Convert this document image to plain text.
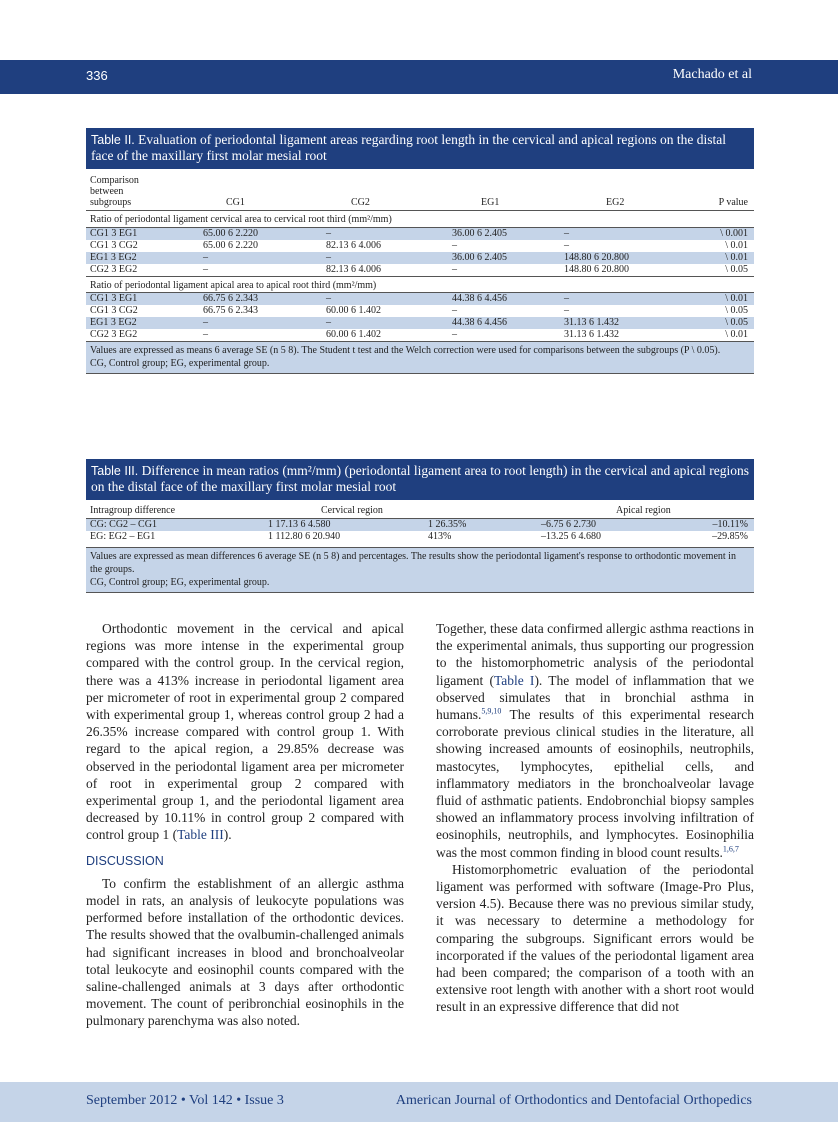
336	Machado et al
Table II. Evaluation of periodontal ligament areas regarding root length in the cervical and apical regions on the distal face of the maxillary first molar mesial root
Comparison between subgroups	CG1	CG2	EG1	EG2	P value
Ratio of periodontal ligament cervical area to cervical root third (mm²/mm)
CG1 3 EG1	65.00 6 2.220	–	36.00 6 2.405	–	\ 0.001
CG1 3 CG2	65.00 6 2.220	82.13 6 4.006	–	–	\ 0.01
EG1 3 EG2	–	–	36.00 6 2.405	148.80 6 20.800	\ 0.01
CG2 3 EG2	–	82.13 6 4.006	–	148.80 6 20.800	\ 0.05
Ratio of periodontal ligament apical area to apical root third (mm²/mm)
CG1 3 EG1	66.75 6 2.343	–	44.38 6 4.456	–	\ 0.01
CG1 3 CG2	66.75 6 2.343	60.00 6 1.402	–	–	\ 0.05
EG1 3 EG2	–	–	44.38 6 4.456	31.13 6 1.432	\ 0.05
CG2 3 EG2	–	60.00 6 1.402	–	31.13 6 1.432	\ 0.01
Values are expressed as means 6 average SE (n 5 8). The Student t test and the Welch correction were used for comparisons between the subgroups (P \ 0.05).
CG, Control group; EG, experimental group.
Table III. Difference in mean ratios (mm²/mm) (periodontal ligament area to root length) in the cervical and apical regions on the distal face of the maxillary first molar mesial root
Intragroup difference	Cervical region	Apical region
CG: CG2 – CG1	1 17.13 6 4.580	1 26.35%	–6.75 6 2.730	–10.11%
EG: EG2 – EG1	1 112.80 6 20.940	413%	–13.25 6 4.680	–29.85%
Values are expressed as mean differences 6 average SE (n 5 8) and percentages. The results show the periodontal ligament's response to orthodontic movement in the groups.
CG, Control group; EG, experimental group.

Orthodontic movement in the cervical and apical regions was more intense in the experimental group compared with the control group. In the cervical region, there was a 413% increase in periodontal ligament area per micrometer of root in experimental group 2 compared with experimental group 1, whereas control group 2 had a 26.35% increase compared with control group 1. With regard to the apical region, a 29.85% decrease was observed in the periodontal ligament area per micrometer of root in experimental group 2 compared with experimental group 1, and the periodontal ligament area decreased by 10.11% in control group 2 compared with control group 1 (Table III).

DISCUSSION

To confirm the establishment of an allergic asthma model in rats, an analysis of leukocyte populations was performed before installation of the orthodontic devices. The results showed that the ovalbumin-challenged animals had significant increases in blood and bronchoalveolar total leukocyte and eosinophil counts compared with the saline-challenged animals at 3 days after orthodontic movement. The count of peribronchial eosinophils in the pulmonary parenchyma was also noted.

Together, these data confirmed allergic asthma reactions in the experimental animals, thus supporting our progression to the histomorphometric analysis of the periodontal ligament (Table I). The model of inflammation that we observed simulates that in bronchial asthma in humans.$^{5,9,10}$ The results of this experimental research corroborate previous clinical studies in the literature, all showing increased amounts of eosinophils, neutrophils, mastocytes, lymphocytes, epithelial cells, and inflammatory mediators in the bronchoalveolar lavage fluid of asthmatic patients. Endobronchial biopsy samples showed an inflammatory process involving infiltration of eosinophils, neutrophils, and lymphocytes. Eosinophilia was the most common finding in blood count results.$^{1,6,7}$

Histomorphometric evaluation of the periodontal ligament was performed with software (Image-Pro Plus, version 4.5). Because there was no previous similar study, it was necessary to determine a methodology for comparing the subgroups. Significant errors would be incorporated if the values of the periodontal ligament area had been compared; the comparison of a tooth with an extensive root length with another with a short root would result in an expressive difference that did not

September 2012 • Vol 142 • Issue 3	American Journal of Orthodontics and Dentofacial Orthopedics
